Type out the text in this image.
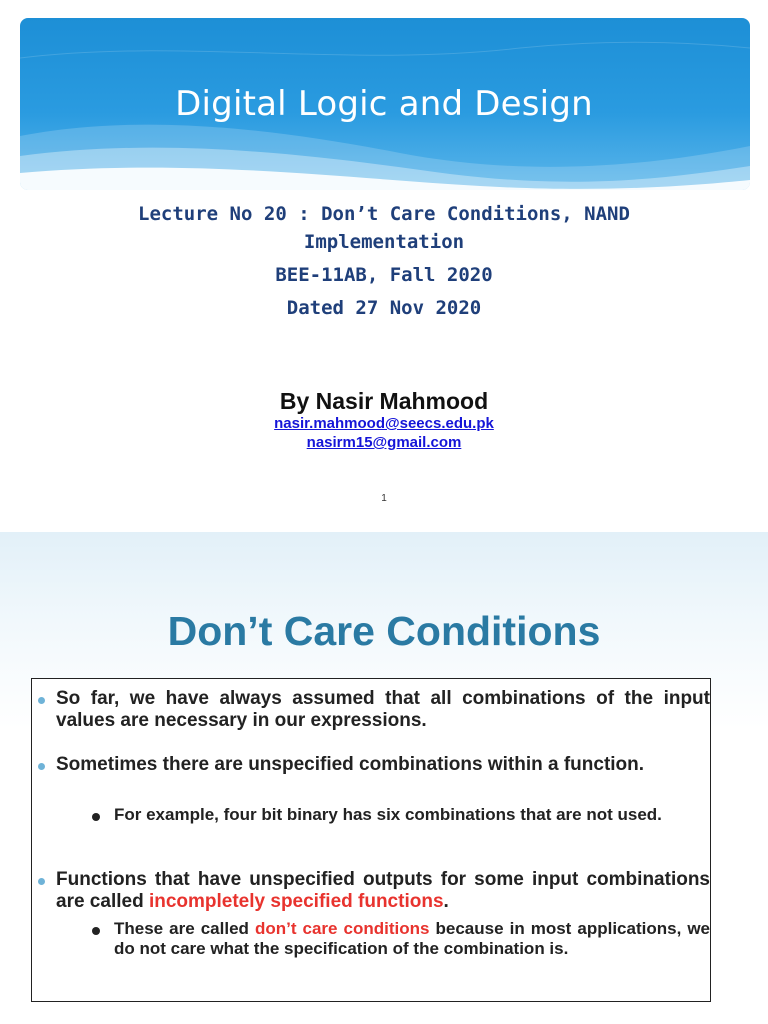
Digital Logic and Design
Lecture No 20 : Don’t Care Conditions, NAND
Implementation
BEE-11AB, Fall 2020
Dated 27 Nov 2020
By Nasir Mahmood
nasir.mahmood@seecs.edu.pk
nasirm15@gmail.com
1
Don’t Care Conditions
So far, we have always assumed that all combinations of the input values are necessary in our expressions.
Sometimes there are unspecified combinations within a function.
For example, four bit binary has six combinations that are not used.
Functions that have unspecified outputs for some input combinations are called incompletely specified functions.
These are called don’t care conditions because in most applications, we do not care what the specification of the combination is.
